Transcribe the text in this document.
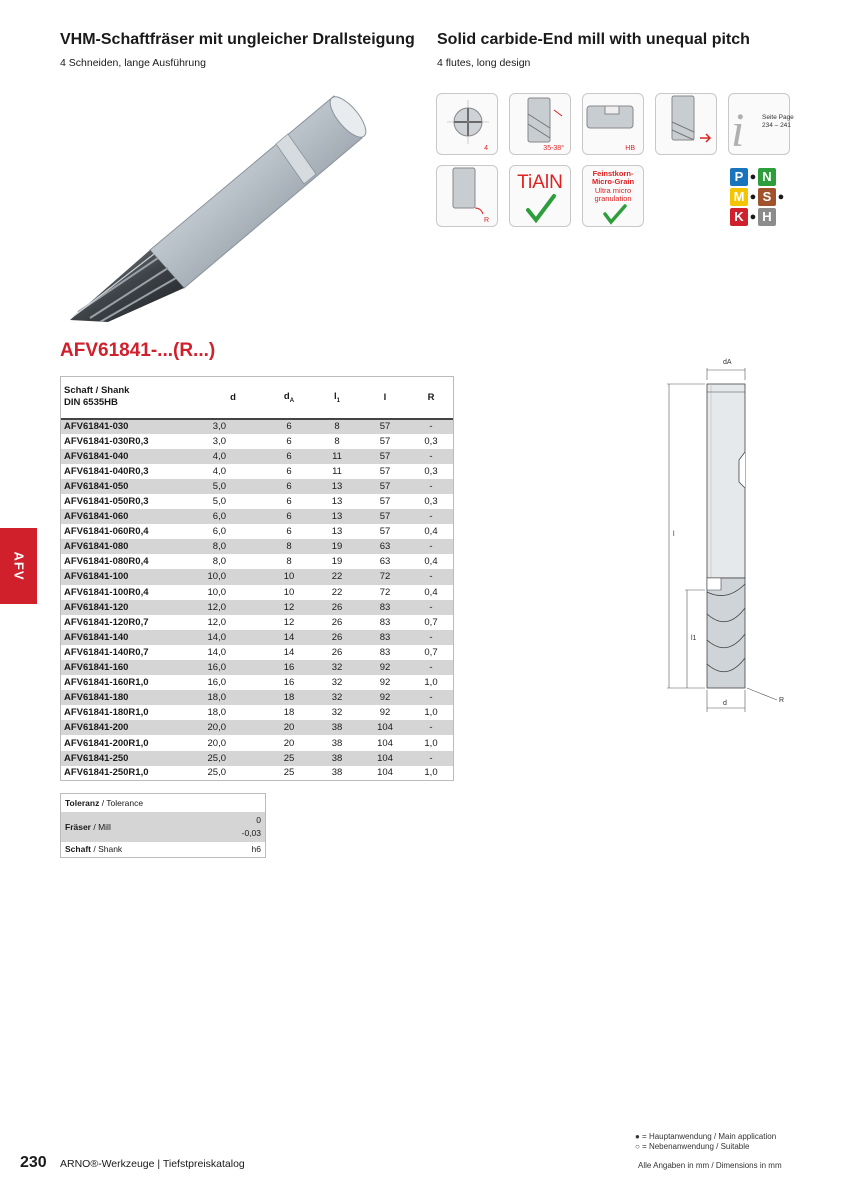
VHM-Schaftfräser mit ungleicher Drallsteigung
4 Schneiden, lange Ausführung
Solid carbide-End mill with unequal pitch
4 flutes, long design
4	35-38°	HB i	Seite Page
234 – 241
R
TiAlN	Feinstkorn-
Micro-Grain
Ultra micro
granulation
P ● N
M ● S ●
K ● H
AFV61841-...(R...)
AFV
Schaft / Shank
DIN 6535HB	d	$d_A$	$l_1$	l	R
AFV61841-030	3,0	6	8	57	-
AFV61841-030R0,3	3,0	6	8	57	0,3
AFV61841-040	4,0	6	11	57	-
AFV61841-040R0,3	4,0	6	11	57	0,3
AFV61841-050	5,0	6	13	57	-
AFV61841-050R0,3	5,0	6	13	57	0,3
AFV61841-060	6,0	6	13	57	-
AFV61841-060R0,4	6,0	6	13	57	0,4
AFV61841-080	8,0	8	19	63	-
AFV61841-080R0,4	8,0	8	19	63	0,4
AFV61841-100	10,0	10	22	72	-
AFV61841-100R0,4	10,0	10	22	72	0,4
AFV61841-120	12,0	12	26	83	-
AFV61841-120R0,7	12,0	12	26	83	0,7
AFV61841-140	14,0	14	26	83	-
AFV61841-140R0,7	14,0	14	26	83	0,7
AFV61841-160	16,0	16	32	92	-
AFV61841-160R1,0	16,0	16	32	92	1,0
AFV61841-180	18,0	18	32	92	-
AFV61841-180R1,0	18,0	18	32	92	1,0
AFV61841-200	20,0	20	38	104	-
AFV61841-200R1,0	20,0	20	38	104	1,0
AFV61841-250	25,0	25	38	104	-
AFV61841-250R1,0	25,0	25	38	104	1,0
Toleranz / Tolerance	
Fräser / Mill	0
-0,03
Schaft / Shank	h6
dA
l
l1
d	R
● = Hauptanwendung / Main application
○ = Nebenanwendung / Suitable
230 ARNO®-Werkzeuge | Tiefstpreiskatalog	Alle Angaben in mm / Dimensions in mm
